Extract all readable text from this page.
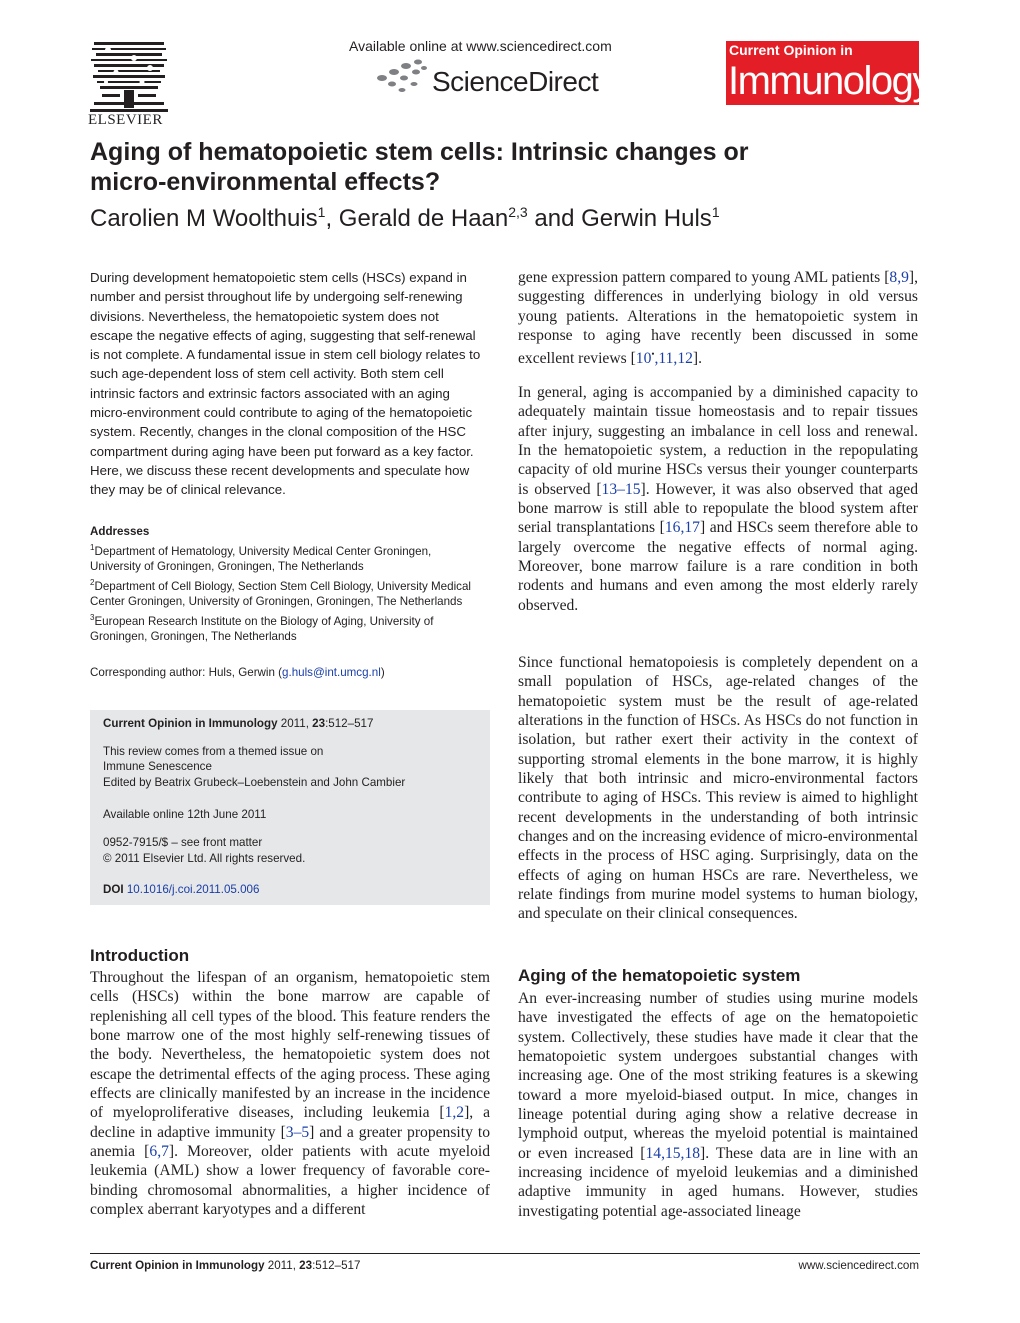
ELSEVIER
Available online at www.sciencedirect.com
ScienceDirect
Current Opinion in
Immunology
Aging of hematopoietic stem cells: Intrinsic changes or
micro-environmental effects?
Carolien M Woolthuis$^1$, Gerald de Haan$^{2,3}$ and Gerwin Huls$^1$
During development hematopoietic stem cells (HSCs) expand in number and persist throughout life by undergoing self-renewing divisions. Nevertheless, the hematopoietic system does not escape the negative effects of aging, suggesting that self-renewal is not complete. A fundamental issue in stem cell biology relates to such age-dependent loss of stem cell activity. Both stem cell intrinsic factors and extrinsic factors associated with an aging micro-environment could contribute to aging of the hematopoietic system. Recently, changes in the clonal composition of the HSC compartment during aging have been put forward as a key factor. Here, we discuss these recent developments and speculate how they may be of clinical relevance.
Addresses
$^1$Department of Hematology, University Medical Center Groningen, University of Groningen, Groningen, The Netherlands
$^2$Department of Cell Biology, Section Stem Cell Biology, University Medical Center Groningen, University of Groningen, Groningen, The Netherlands
$^3$European Research Institute on the Biology of Aging, University of Groningen, Groningen, The Netherlands
Corresponding author: Huls, Gerwin (g.huls@int.umcg.nl)
Current Opinion in Immunology 2011, 23:512–517
This review comes from a themed issue on
Immune Senescence
Edited by Beatrix Grubeck–Loebenstein and John Cambier
Available online 12th June 2011
0952-7915/$ – see front matter
© 2011 Elsevier Ltd. All rights reserved.
DOI 10.1016/j.coi.2011.05.006
Introduction
Throughout the lifespan of an organism, hematopoietic stem cells (HSCs) within the bone marrow are capable of replenishing all cell types of the blood. This feature renders the bone marrow one of the most highly self-renewing tissues of the body. Nevertheless, the hematopoietic system does not escape the detrimental effects of the aging process. These aging effects are clinically manifested by an increase in the incidence of myeloproliferative diseases, including leukemia [1,2], a decline in adaptive immunity [3–5] and a greater propensity to anemia [6,7]. Moreover, older patients with acute myeloid leukemia (AML) show a lower frequency of favorable core-binding chromosomal abnormalities, a higher incidence of complex aberrant karyotypes and a different
gene expression pattern compared to young AML patients [8,9], suggesting differences in underlying biology in old versus young patients. Alterations in the hematopoietic system in response to aging have recently been discussed in some excellent reviews [10•,11,12].
In general, aging is accompanied by a diminished capacity to adequately maintain tissue homeostasis and to repair tissues after injury, suggesting an imbalance in cell loss and renewal. In the hematopoietic system, a reduction in the repopulating capacity of old murine HSCs versus their younger counterparts is observed [13–15]. However, it was also observed that aged bone marrow is still able to repopulate the blood system after serial transplantations [16,17] and HSCs seem therefore able to largely overcome the negative effects of normal aging. Moreover, bone marrow failure is a rare condition in both rodents and humans and even among the most elderly rarely observed.
Since functional hematopoiesis is completely dependent on a small population of HSCs, age-related changes of the hematopoietic system must be the result of age-related alterations in the function of HSCs. As HSCs do not function in isolation, but rather exert their activity in the context of supporting stromal elements in the bone marrow, it is highly likely that both intrinsic and micro-environmental factors contribute to aging of HSCs. This review is aimed to highlight recent developments in the understanding of both intrinsic changes and on the increasing evidence of micro-environmental effects in the process of HSC aging. Surprisingly, data on the effects of aging on human HSCs are rare. Nevertheless, we relate findings from murine model systems to human biology, and speculate on their clinical consequences.
Aging of the hematopoietic system
An ever-increasing number of studies using murine models have investigated the effects of age on the hematopoietic system. Collectively, these studies have made it clear that the hematopoietic system undergoes substantial changes with increasing age. One of the most striking features is a skewing toward a more myeloid-biased output. In mice, changes in lineage potential during aging show a relative decrease in lymphoid output, whereas the myeloid potential is maintained or even increased [14,15,18]. These data are in line with an increasing incidence of myeloid leukemias and a diminished adaptive immunity in aged humans. However, studies investigating potential age-associated lineage
Current Opinion in Immunology 2011, 23:512–517	www.sciencedirect.com
